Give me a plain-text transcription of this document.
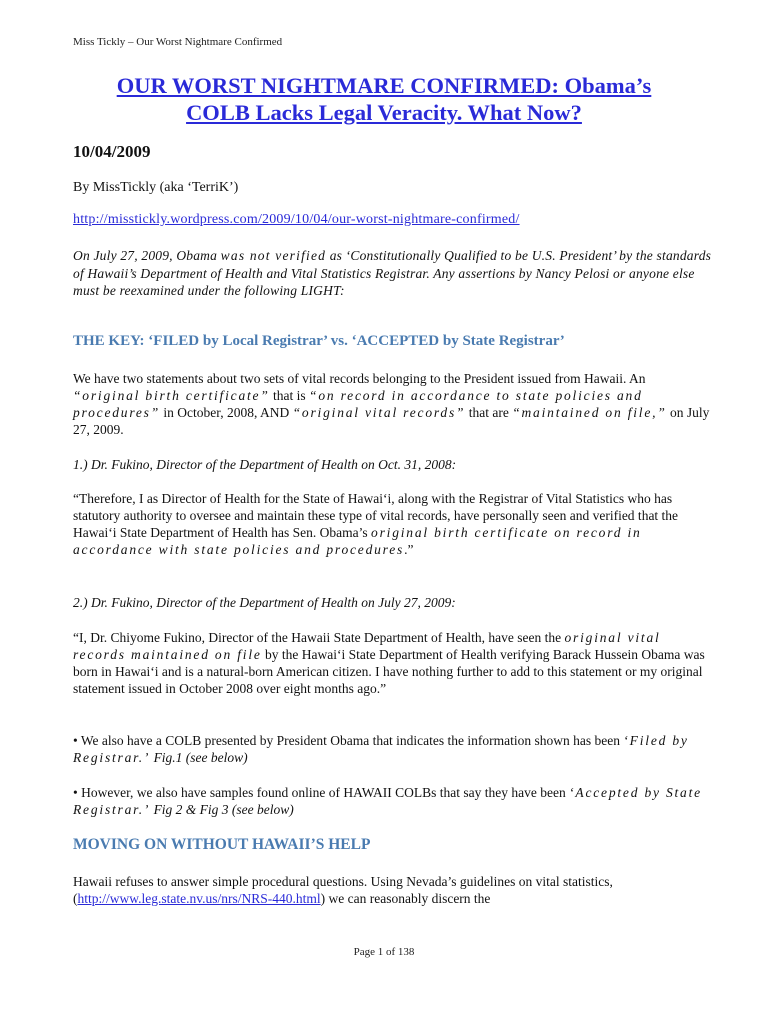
Miss Tickly – Our Worst Nightmare Confirmed
OUR WORST NIGHTMARE CONFIRMED: Obama’s
COLB Lacks Legal Veracity. What Now?
10/04/2009
By MissTickly (aka ‘TerriK’)
http://misstickly.wordpress.com/2009/10/04/our-worst-nightmare-confirmed/

On July 27, 2009, Obama was not verified as ‘Constitutionally Qualified to be U.S. President’ by the standards of Hawaii’s Department of Health and Vital Statistics Registrar. Any assertions by Nancy Pelosi or anyone else must be reexamined under the following LIGHT:

THE KEY: ‘FILED by Local Registrar’ vs. ‘ACCEPTED by State Registrar’

We have two statements about two sets of vital records belonging to the President issued from Hawaii. An “original birth certificate” that is “on record in accordance to state policies and procedures” in October, 2008, AND “original vital records” that are “maintained on file,” on July 27, 2009.

1.) Dr. Fukino, Director of the Department of Health on Oct. 31, 2008:

“Therefore, I as Director of Health for the State of Hawai‘i, along with the Registrar of Vital Statistics who has statutory authority to oversee and maintain these type of vital records, have personally seen and verified that the Hawai‘i State Department of Health has Sen. Obama’s original birth certificate on record in accordance with state policies and procedures.”

2.) Dr. Fukino, Director of the Department of Health on July 27, 2009:

“I, Dr. Chiyome Fukino, Director of the Hawaii State Department of Health, have seen the original vital records maintained on file by the Hawai‘i State Department of Health verifying Barack Hussein Obama was born in Hawai‘i and is a natural-born American citizen. I have nothing further to add to this statement or my original statement issued in October 2008 over eight months ago.”

• We also have a COLB presented by President Obama that indicates the information shown has been ‘Filed by Registrar.’ Fig.1 (see below)

• However, we also have samples found online of HAWAII COLBs that say they have been ‘Accepted by State Registrar.’ Fig 2 & Fig 3 (see below)

MOVING ON WITHOUT HAWAII’S HELP

Hawaii refuses to answer simple procedural questions. Using Nevada’s guidelines on vital statistics, (http://www.leg.state.nv.us/nrs/NRS-440.html) we can reasonably discern the

Page 1 of 138
